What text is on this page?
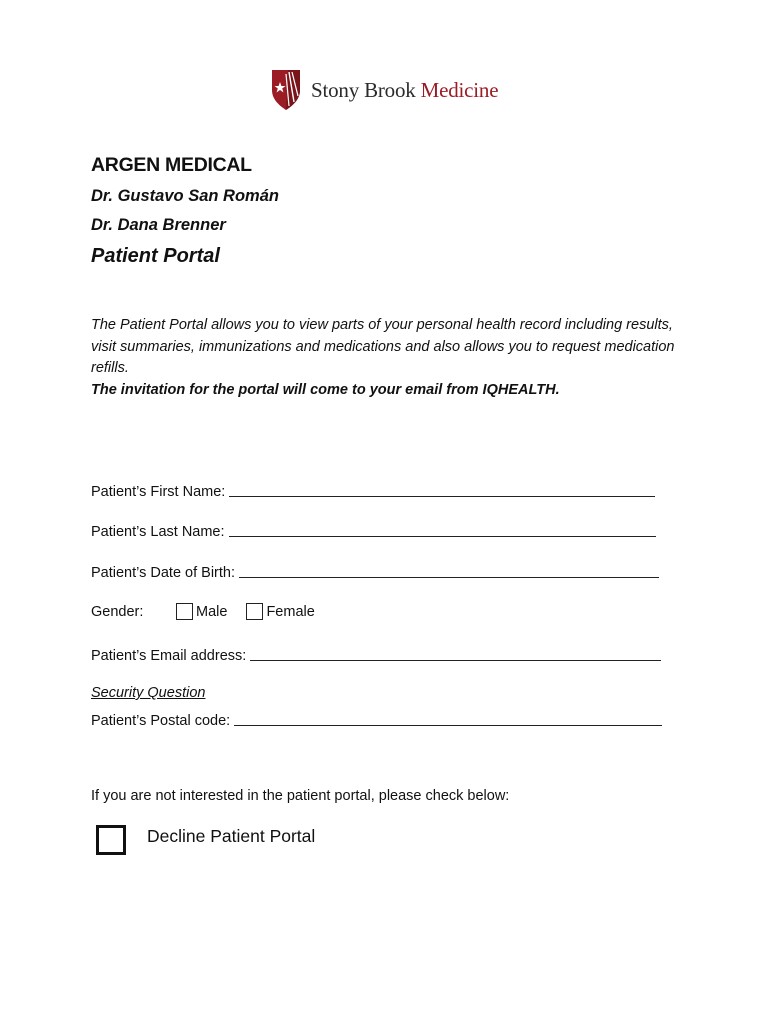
Stony Brook Medicine
ARGEN MEDICAL
Dr. Gustavo San Román
Dr. Dana Brenner
Patient Portal
The Patient Portal allows you to view parts of your personal health record including results, visit summaries, immunizations and medications and also allows you to request medication refills.
The invitation for the portal will come to your email from IQHEALTH.
Patient’s First Name:
Patient’s Last Name:
Patient’s Date of Birth:
Gender:	Male	Female
Patient’s Email address:
Security Question
Patient’s Postal code:
If you are not interested in the patient portal, please check below:
Decline Patient Portal
